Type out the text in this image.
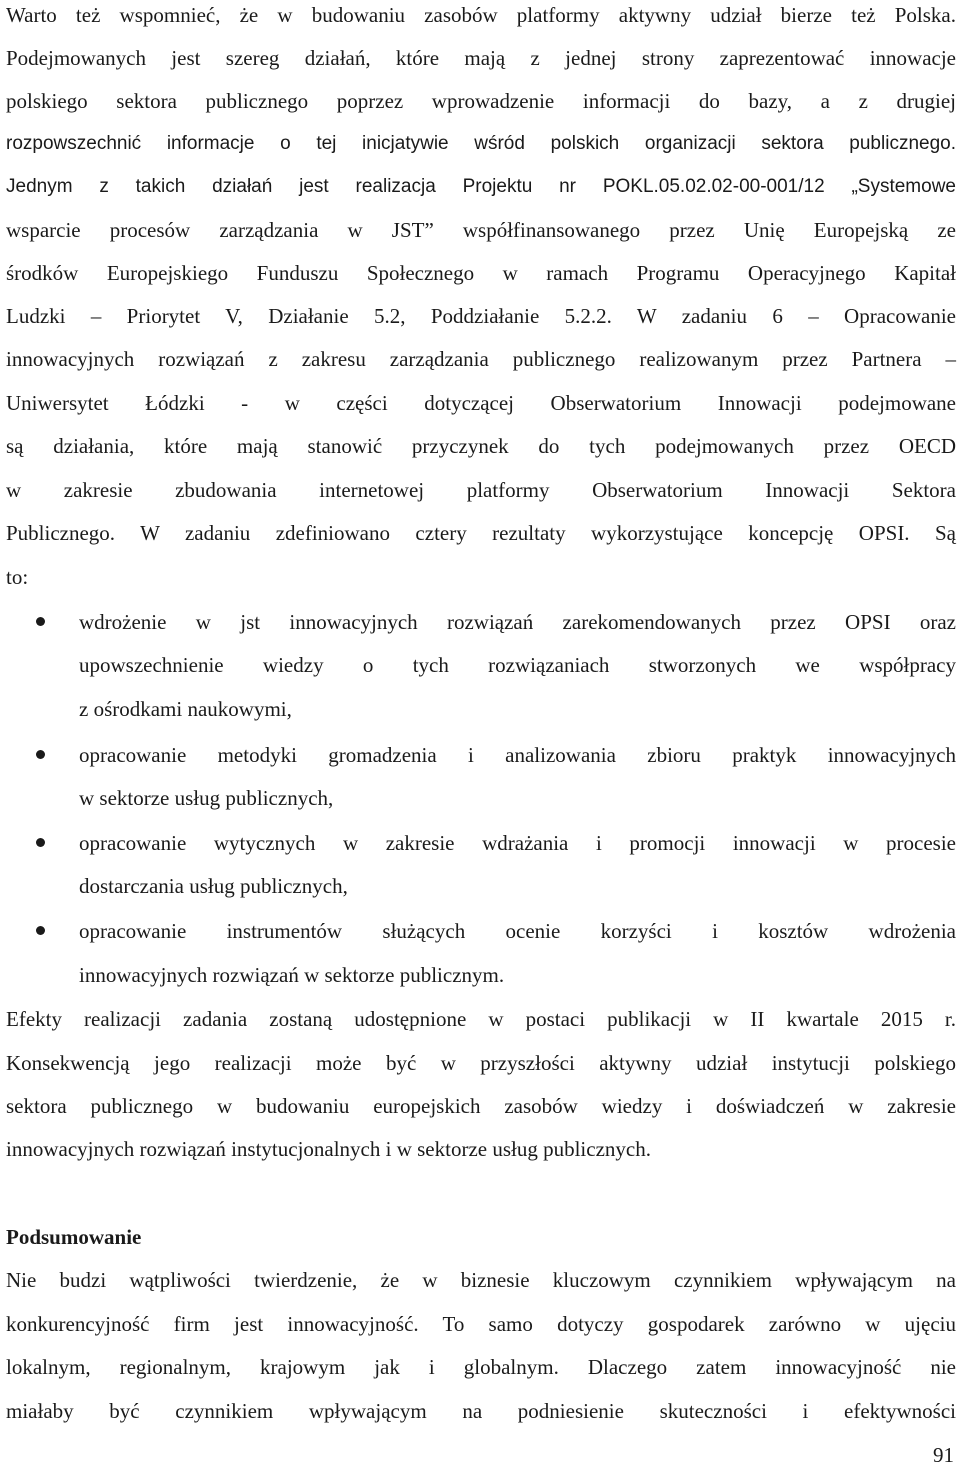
Warto też wspomnieć, że w budowaniu zasobów platformy aktywny udział bierze też Polska.
Podejmowanych jest szereg działań, które mają z jednej strony zaprezentować innowacje
polskiego sektora publicznego poprzez wprowadzenie informacji do bazy, a z drugiej
rozpowszechnić informacje o tej inicjatywie wśród polskich organizacji sektora publicznego.
Jednym z takich działań jest realizacja Projektu nr POKL.05.02.02-00-001/12 „Systemowe
wsparcie procesów zarządzania w JST” współfinansowanego przez Unię Europejską ze
środków Europejskiego Funduszu Społecznego w ramach Programu Operacyjnego Kapitał
Ludzki – Priorytet V, Działanie 5.2, Poddziałanie 5.2.2. W zadaniu 6 – Opracowanie
innowacyjnych rozwiązań z zakresu zarządzania publicznego realizowanym przez Partnera –
Uniwersytet Łódzki - w części dotyczącej Obserwatorium Innowacji podejmowane
są działania, które mają stanowić przyczynek do tych podejmowanych przez OECD
w zakresie zbudowania internetowej platformy Obserwatorium Innowacji Sektora
Publicznego. W zadaniu zdefiniowano cztery rezultaty wykorzystujące koncepcję OPSI. Są
to:
wdrożenie w jst innowacyjnych rozwiązań zarekomendowanych przez OPSI oraz
upowszechnienie wiedzy o tych rozwiązaniach stworzonych we współpracy
z ośrodkami naukowymi,
opracowanie metodyki gromadzenia i analizowania zbioru praktyk innowacyjnych
w sektorze usług publicznych,
opracowanie wytycznych w zakresie wdrażania i promocji innowacji w procesie
dostarczania usług publicznych,
opracowanie instrumentów służących ocenie korzyści i kosztów wdrożenia
innowacyjnych rozwiązań w sektorze publicznym.
Efekty realizacji zadania zostaną udostępnione w postaci publikacji w II kwartale 2015 r.
Konsekwencją jego realizacji może być w przyszłości aktywny udział instytucji polskiego
sektora publicznego w budowaniu europejskich zasobów wiedzy i doświadczeń w zakresie
innowacyjnych rozwiązań instytucjonalnych i w sektorze usług publicznych.
Podsumowanie
Nie budzi wątpliwości twierdzenie, że w biznesie kluczowym czynnikiem wpływającym na
konkurencyjność firm jest innowacyjność. To samo dotyczy gospodarek zarówno w ujęciu
lokalnym, regionalnym, krajowym jak i globalnym. Dlaczego zatem innowacyjność nie
miałaby być czynnikiem wpływającym na podniesienie skuteczności i efektywności
91
